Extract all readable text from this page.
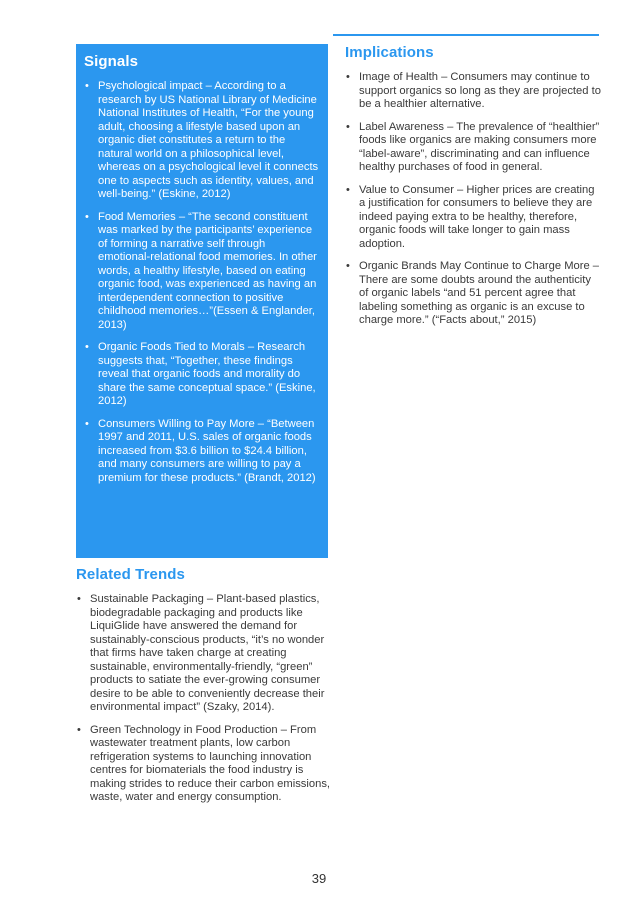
Signals
• Psychological impact – According to a research by US National Library of Medicine National Institutes of Health, “For the young adult, choosing a lifestyle based upon an organic diet constitutes a return to the natural world on a philosophical level, whereas on a psychological level it connects one to aspects such as identity, values, and well-being.” (Eskine, 2012)
• Food Memories – “The second constituent was marked by the participants’ experience of forming a narrative self through emotional-relational food memories. In other words, a healthy lifestyle, based on eating organic food, was experienced as having an interdependent connection to positive childhood memories…”(Essen & Englander, 2013)
• Organic Foods Tied to Morals – Research suggests that, “Together, these findings reveal that organic foods and morality do share the same conceptual space.” (Eskine, 2012)
• Consumers Willing to Pay More – “Between 1997 and 2011, U.S. sales of organic foods increased from $3.6 billion to $24.4 billion, and many consumers are willing to pay a premium for these products.” (Brandt, 2012)
Implications
• Image of Health – Consumers may continue to support organics so long as they are projected to be a healthier alternative.
• Label Awareness – The prevalence of “healthier” foods like organics are making consumers more “label-aware”, discriminating and can influence healthy purchases of food in general.
• Value to Consumer – Higher prices are creating a justification for consumers to believe they are indeed paying extra to be healthy, therefore, organic foods will take longer to gain mass adoption.
• Organic Brands May Continue to Charge More – There are some doubts around the authenticity of organic labels “and 51 percent agree that labeling something as organic is an excuse to charge more.” (“Facts about,” 2015)
Related Trends
• Sustainable Packaging – Plant-based plastics, biodegradable packaging and products like LiquiGlide have answered the demand for sustainably-conscious products, “it’s no wonder that firms have taken charge at creating sustainable, environmentally-friendly, “green” products to satiate the ever-growing consumer desire to be able to conveniently decrease their environmental impact” (Szaky, 2014).
• Green Technology in Food Production – From wastewater treatment plants, low carbon refrigeration systems to launching innovation centres for biomaterials the food industry is making strides to reduce their carbon emissions, waste, water and energy consumption.
39
